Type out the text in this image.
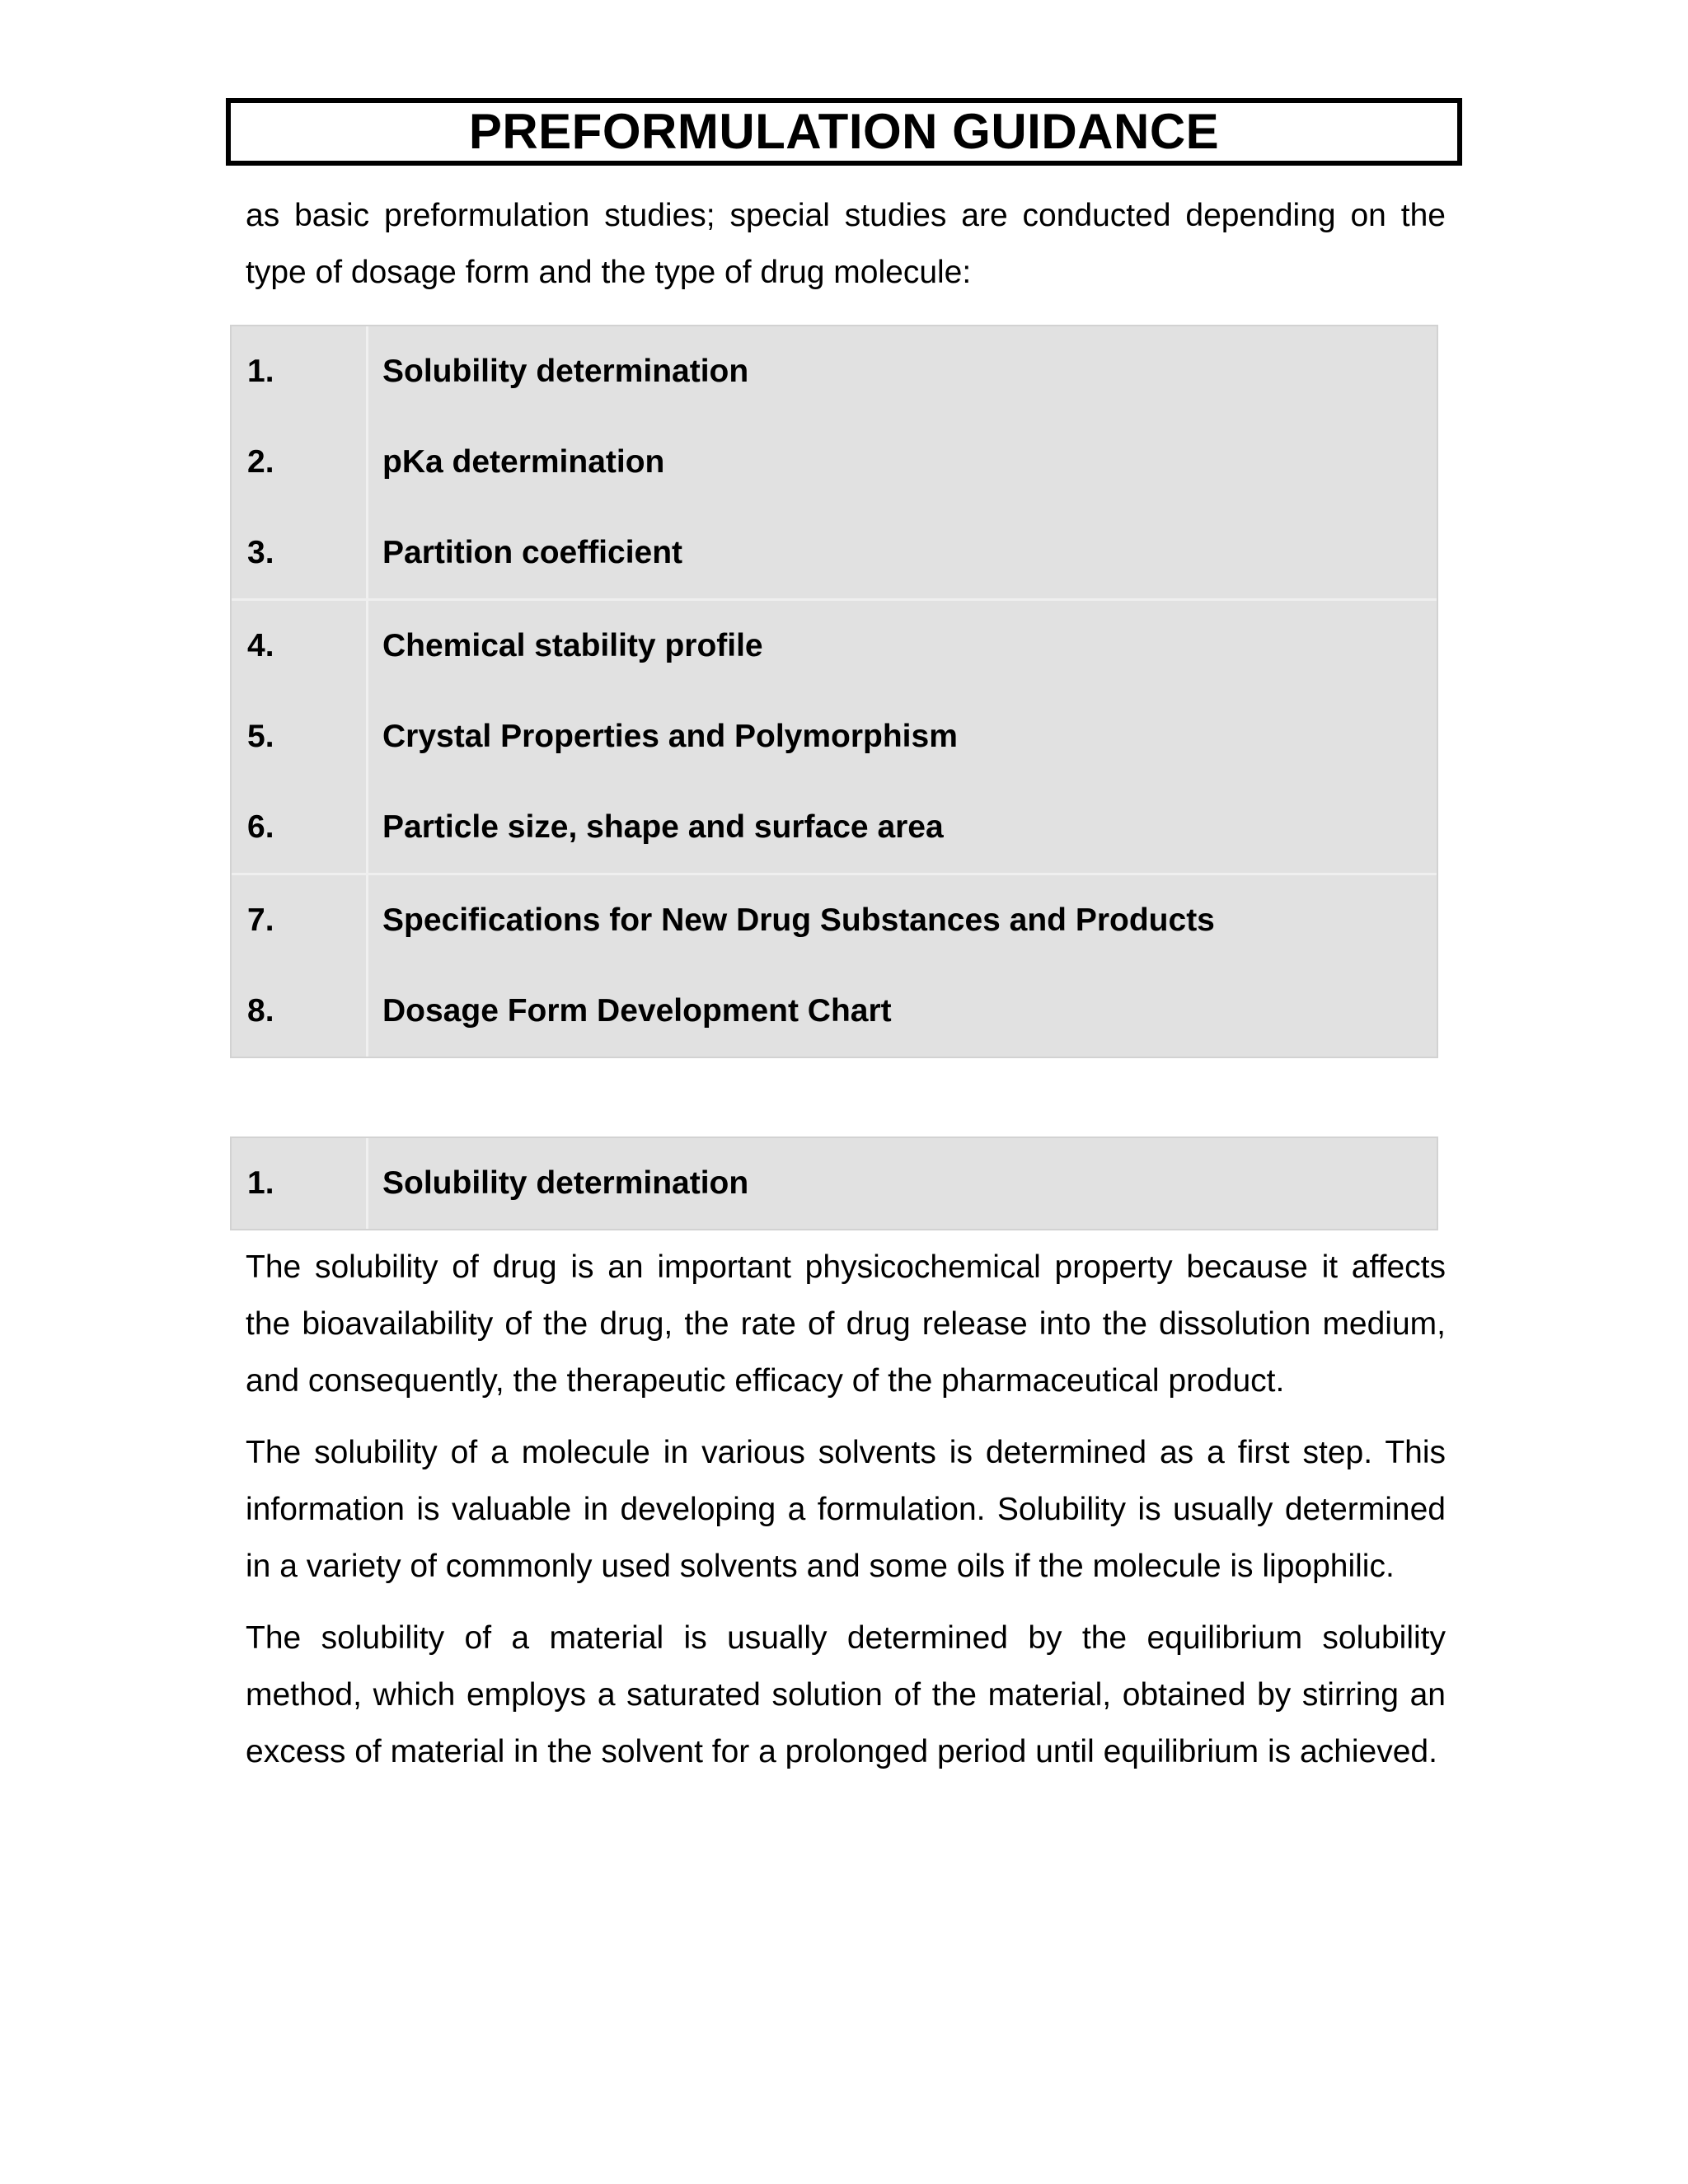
PREFORMULATION GUIDANCE

as basic preformulation studies; special studies are conducted depending on the type of dosage form and the type of drug molecule:

1.
2.
3.
Solubility determination
pKa determination
Partition coefficient
4.
5.
6.
Chemical stability profile
Crystal Properties and Polymorphism
Particle size, shape and surface area
7.
8.
Specifications for New Drug Substances and Products
Dosage Form Development Chart
1.	Solubility determination

The solubility of drug is an important physicochemical property because it affects the bioavailability of the drug, the rate of drug release into the dissolution medium, and consequently, the therapeutic efficacy of the pharmaceutical product.

The solubility of a molecule in various solvents is determined as a first step. This information is valuable in developing a formulation. Solubility is usually determined in a variety of commonly used solvents and some oils if the molecule is lipophilic.

The solubility of a material is usually determined by the equilibrium solubility method, which employs a saturated solution of the material, obtained by stirring an excess of material in the solvent for a prolonged period until equilibrium is achieved.
